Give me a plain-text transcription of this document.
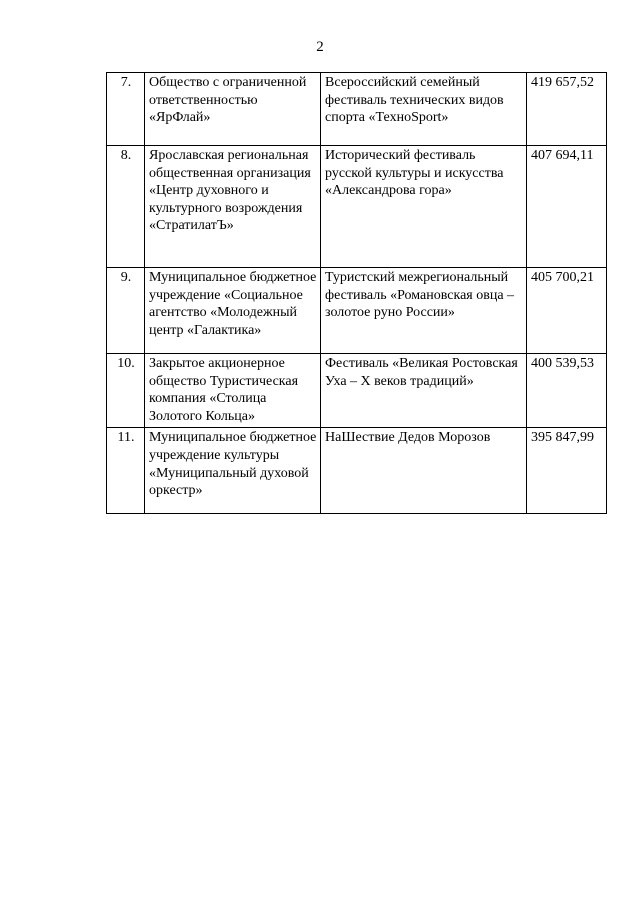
2
7.	Общество с ограниченной ответственностью «ЯрФлай»	Всероссийский семейный фестиваль технических видов спорта «ТехноSport»	419 657,52
8.	Ярославская региональная общественная организация «Центр духовного и культурного возрождения «СтратилатЪ»	Исторический фестиваль русской культуры и искусства «Александрова гора»	407 694,11
9.	Муниципальное бюджетное учреждение «Социальное агентство «Молодежный центр «Галактика»	Туристский межрегиональный фестиваль «Романовская овца – золотое руно России»	405 700,21
10.	Закрытое акционерное общество Туристическая компания «Столица Золотого Кольца»	Фестиваль «Великая Ростовская Уха – Х веков традиций»	400 539,53
11.	Муниципальное бюджетное учреждение культуры «Муниципальный духовой оркестр»	НаШествие Дедов Морозов	395 847,99
